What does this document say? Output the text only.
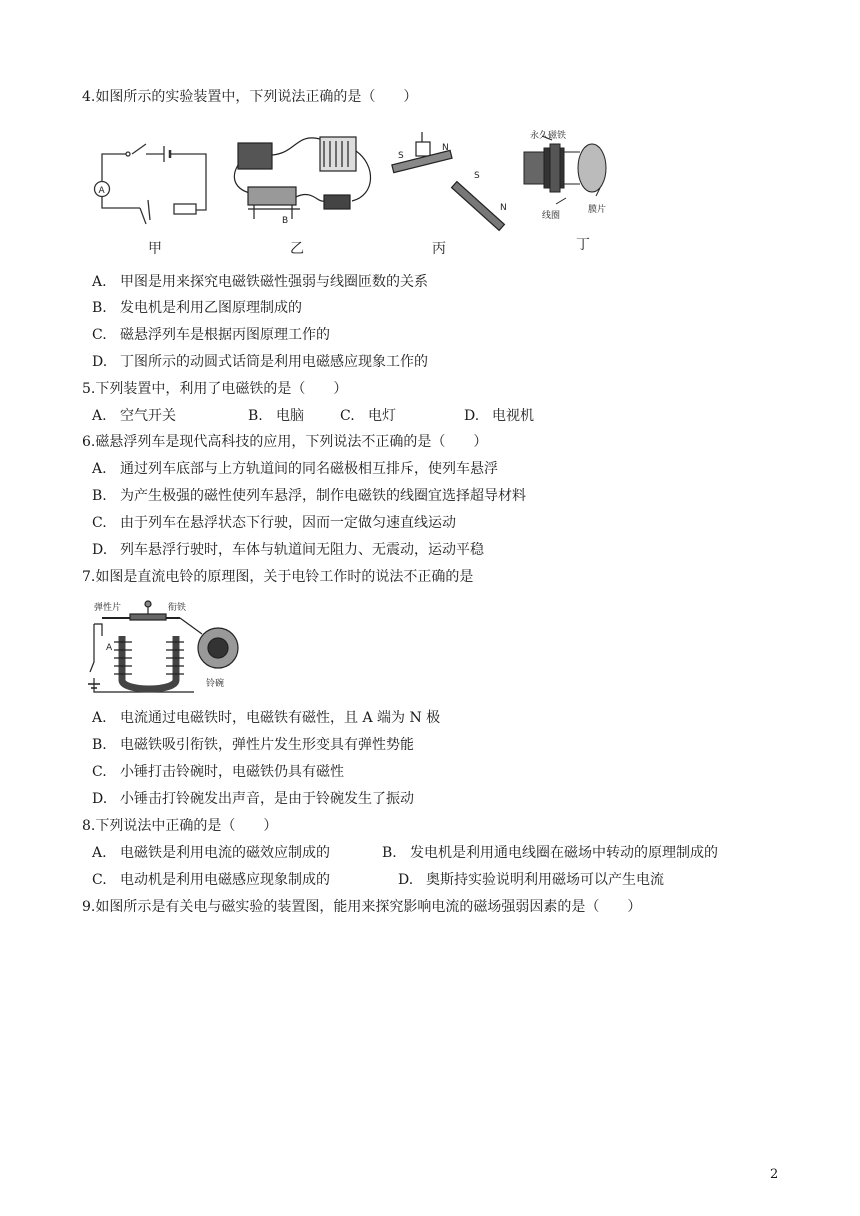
4.如图所示的实验装置中，下列说法正确的是（　　）
A
甲
B
乙
S
N
S
N
丙
永久磁铁
线圈
膜片
丁
A. 甲图是用来探究电磁铁磁性强弱与线圈匝数的关系
B. 发电机是利用乙图原理制成的
C. 磁悬浮列车是根据丙图原理工作的
D. 丁图所示的动圆式话筒是利用电磁感应现象工作的
5.下列装置中，利用了电磁铁的是（　　）
A. 空气开关	B. 电脑	C. 电灯	D. 电视机
6.磁悬浮列车是现代高科技的应用，下列说法不正确的是（　　）
A. 通过列车底部与上方轨道间的同名磁极相互排斥，使列车悬浮
B. 为产生极强的磁性使列车悬浮，制作电磁铁的线圈宜选择超导材料
C. 由于列车在悬浮状态下行驶，因而一定做匀速直线运动
D. 列车悬浮行驶时，车体与轨道间无阻力、无震动，运动平稳
7.如图是直流电铃的原理图，关于电铃工作时的说法不正确的是
弹性片	衔铁
A
铃碗
A. 电流通过电磁铁时，电磁铁有磁性，且 A 端为 N 极
B. 电磁铁吸引衔铁，弹性片发生形变具有弹性势能
C. 小锤打击铃碗时，电磁铁仍具有磁性
D. 小锤击打铃碗发出声音，是由于铃碗发生了振动
8.下列说法中正确的是（　　）
A. 电磁铁是利用电流的磁效应制成的	B. 发电机是利用通电线圈在磁场中转动的原理制成的
C. 电动机是利用电磁感应现象制成的	D. 奥斯持实验说明利用磁场可以产生电流
9.如图所示是有关电与磁实验的装置图，能用来探究影响电流的磁场强弱因素的是（　　）
2
